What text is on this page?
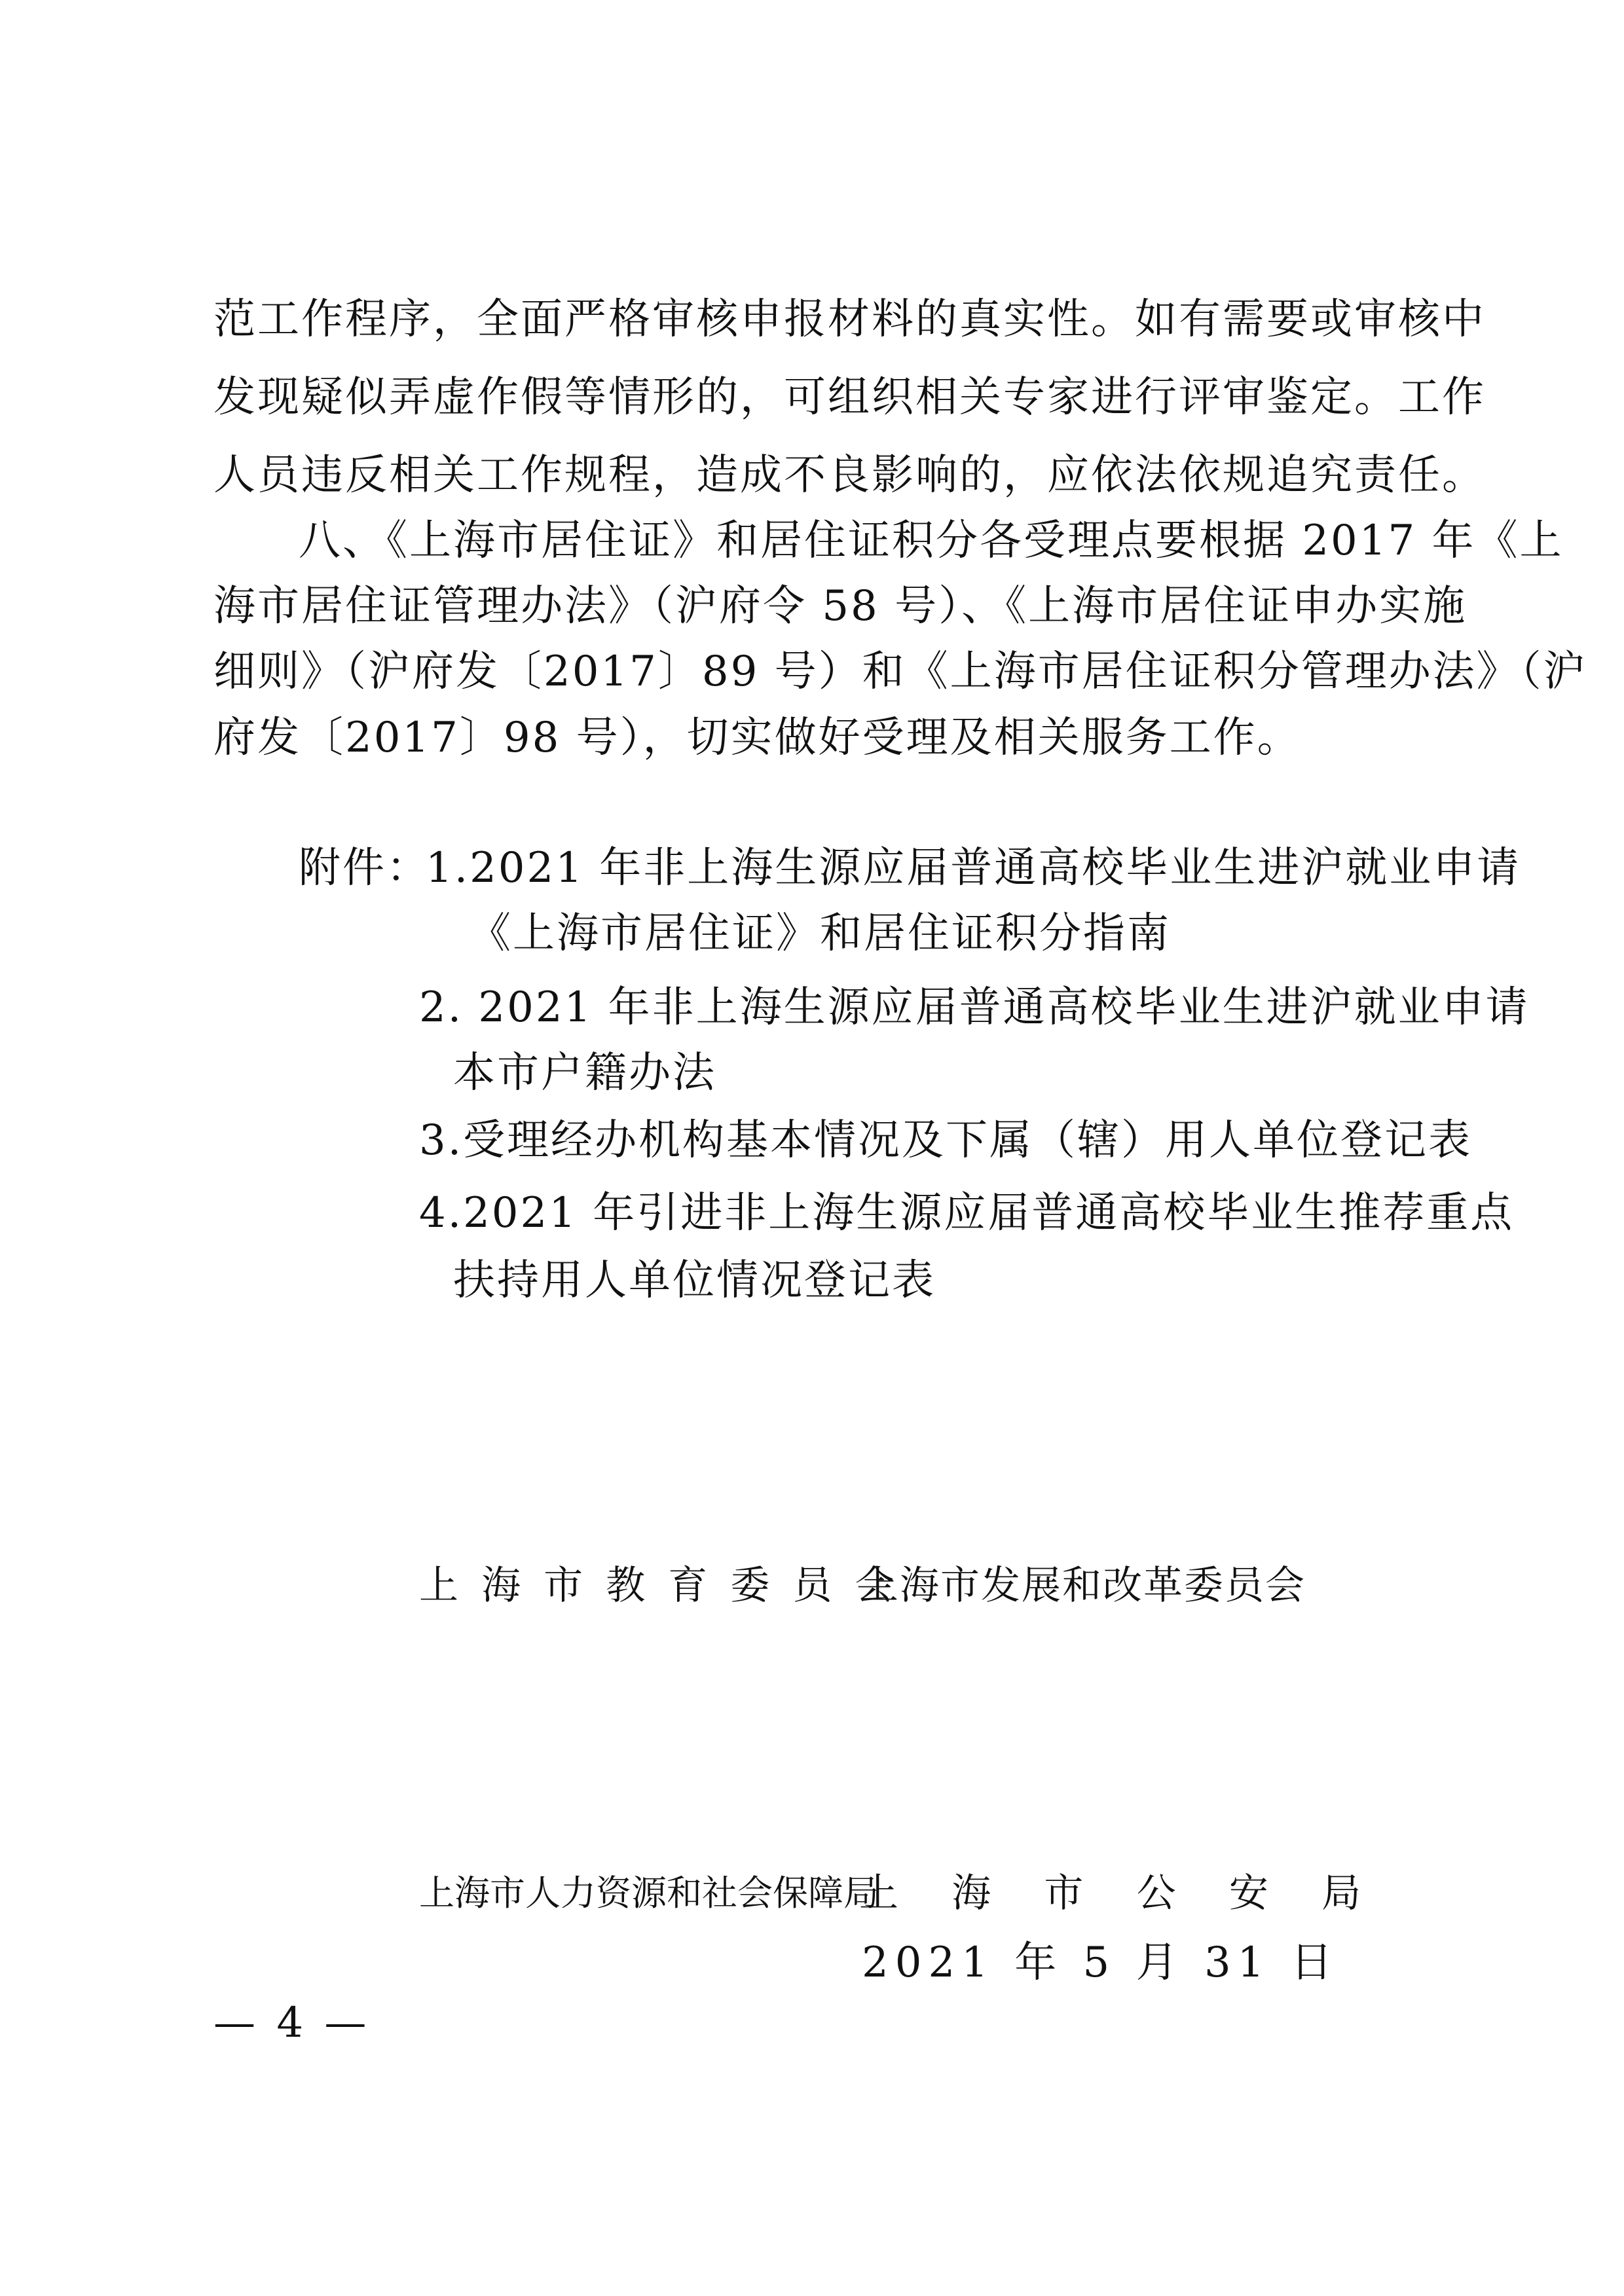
范工作程序，全面严格审核申报材料的真实性。如有需要或审核中
发现疑似弄虚作假等情形的，可组织相关专家进行评审鉴定。工作
人员违反相关工作规程，造成不良影响的，应依法依规追究责任。
八、《上海市居住证》和居住证积分各受理点要根据 2017 年《上
海市居住证管理办法》（沪府令 58 号）、《上海市居住证申办实施
细则》（沪府发〔2017〕89 号）和《上海市居住证积分管理办法》（沪
府发〔2017〕98 号），切实做好受理及相关服务工作。
附件：
1.2021 年非上海生源应届普通高校毕业生进沪就业申请
《上海市居住证》和居住证积分指南
2. 2021 年非上海生源应届普通高校毕业生进沪就业申请
本市户籍办法
3.受理经办机构基本情况及下属（辖）用人单位登记表
4.2021 年引进非上海生源应届普通高校毕业生推荐重点
扶持用人单位情况登记表
上 海 市 教 育 委 员 会
上海市发展和改革委员会
上海市人力资源和社会保障局
上   海   市   公   安   局
2021 年 5 月 31 日
— 4 —
